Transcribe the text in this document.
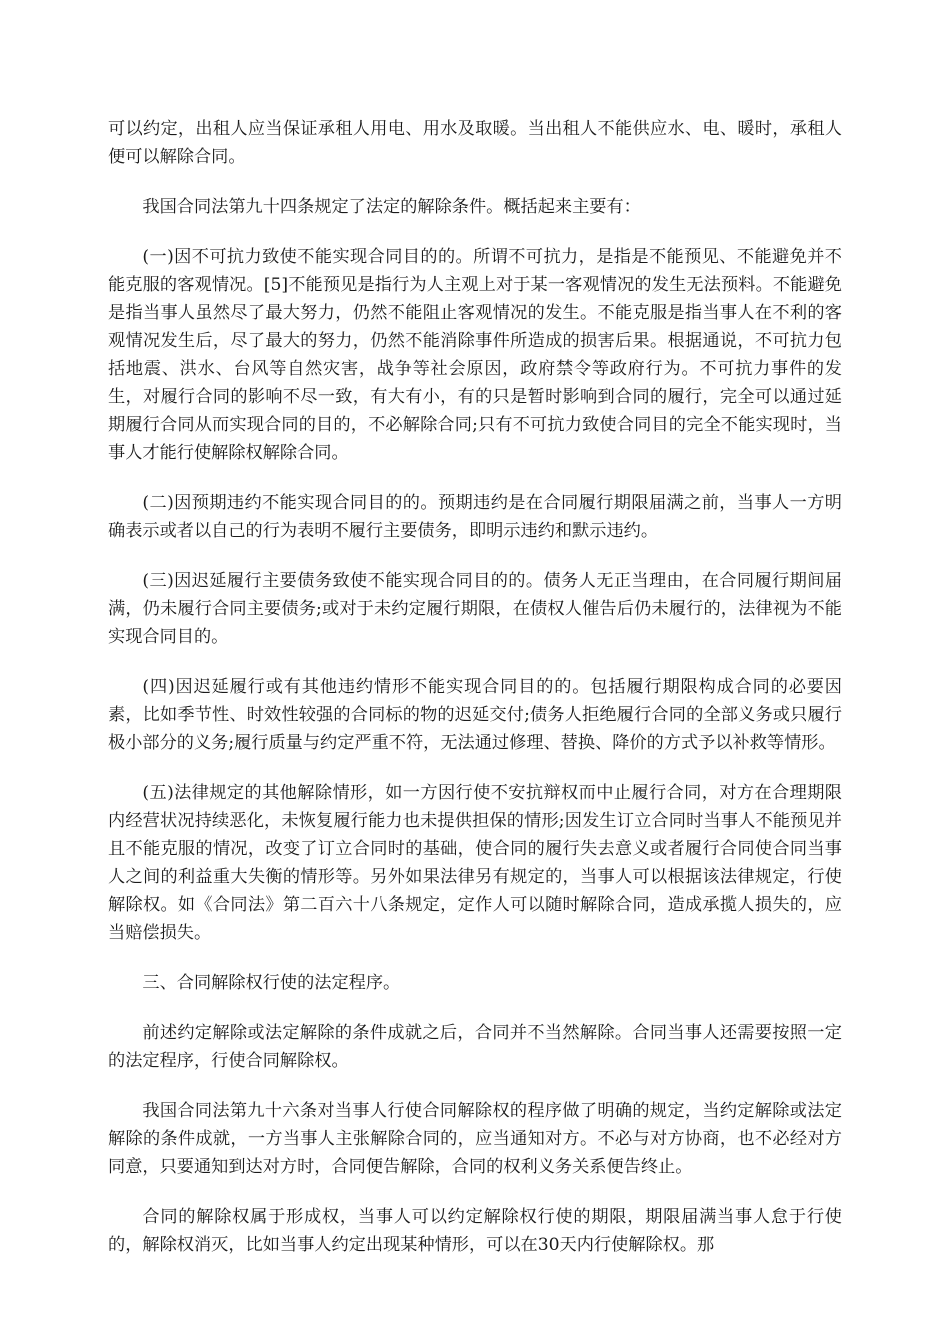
可以约定，出租人应当保证承租人用电、用水及取暖。当出租人不能供应水、电、暖时，承租人便可以解除合同。

我国合同法第九十四条规定了法定的解除条件。概括起来主要有：

(一)因不可抗力致使不能实现合同目的的。所谓不可抗力，是指是不能预见、不能避免并不能克服的客观情况。[5]不能预见是指行为人主观上对于某一客观情况的发生无法预料。不能避免是指当事人虽然尽了最大努力，仍然不能阻止客观情况的发生。不能克服是指当事人在不利的客观情况发生后，尽了最大的努力，仍然不能消除事件所造成的损害后果。根据通说，不可抗力包括地震、洪水、台风等自然灾害，战争等社会原因，政府禁令等政府行为。不可抗力事件的发生，对履行合同的影响不尽一致，有大有小，有的只是暂时影响到合同的履行，完全可以通过延期履行合同从而实现合同的目的，不必解除合同;只有不可抗力致使合同目的完全不能实现时，当事人才能行使解除权解除合同。

(二)因预期违约不能实现合同目的的。预期违约是在合同履行期限届满之前，当事人一方明确表示或者以自己的行为表明不履行主要债务，即明示违约和默示违约。

(三)因迟延履行主要债务致使不能实现合同目的的。债务人无正当理由，在合同履行期间届满，仍未履行合同主要债务;或对于未约定履行期限，在债权人催告后仍未履行的，法律视为不能实现合同目的。

(四)因迟延履行或有其他违约情形不能实现合同目的的。包括履行期限构成合同的必要因素，比如季节性、时效性较强的合同标的物的迟延交付;债务人拒绝履行合同的全部义务或只履行极小部分的义务;履行质量与约定严重不符，无法通过修理、替换、降价的方式予以补救等情形。

(五)法律规定的其他解除情形，如一方因行使不安抗辩权而中止履行合同，对方在合理期限内经营状况持续恶化，未恢复履行能力也未提供担保的情形;因发生订立合同时当事人不能预见并且不能克服的情况，改变了订立合同时的基础，使合同的履行失去意义或者履行合同使合同当事人之间的利益重大失衡的情形等。另外如果法律另有规定的，当事人可以根据该法律规定，行使解除权。如《合同法》第二百六十八条规定，定作人可以随时解除合同，造成承揽人损失的，应当赔偿损失。

三、合同解除权行使的法定程序。

前述约定解除或法定解除的条件成就之后，合同并不当然解除。合同当事人还需要按照一定的法定程序，行使合同解除权。

我国合同法第九十六条对当事人行使合同解除权的程序做了明确的规定，当约定解除或法定解除的条件成就，一方当事人主张解除合同的，应当通知对方。不必与对方协商，也不必经对方同意，只要通知到达对方时，合同便告解除，合同的权利义务关系便告终止。

合同的解除权属于形成权，当事人可以约定解除权行使的期限，期限届满当事人怠于行使的，解除权消灭，比如当事人约定出现某种情形，可以在30天内行使解除权。那
